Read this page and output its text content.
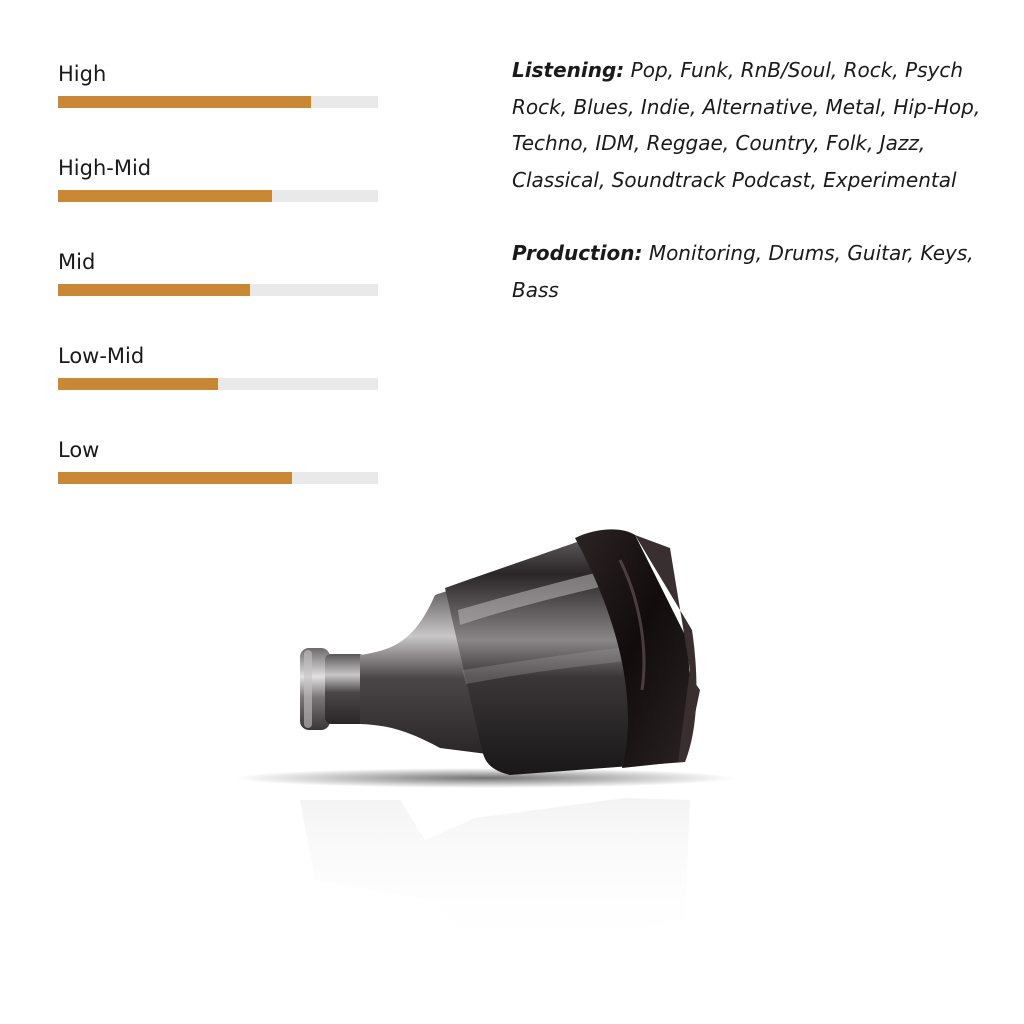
High
High-Mid
Mid
Low-Mid
Low

Listening: Pop, Funk, RnB/Soul, Rock, Psych Rock, Blues, Indie, Alternative, Metal, Hip-Hop, Techno, IDM, Reggae, Country, Folk, Jazz, Classical, Soundtrack Podcast, Experimental

Production: Monitoring, Drums, Guitar, Keys, Bass
